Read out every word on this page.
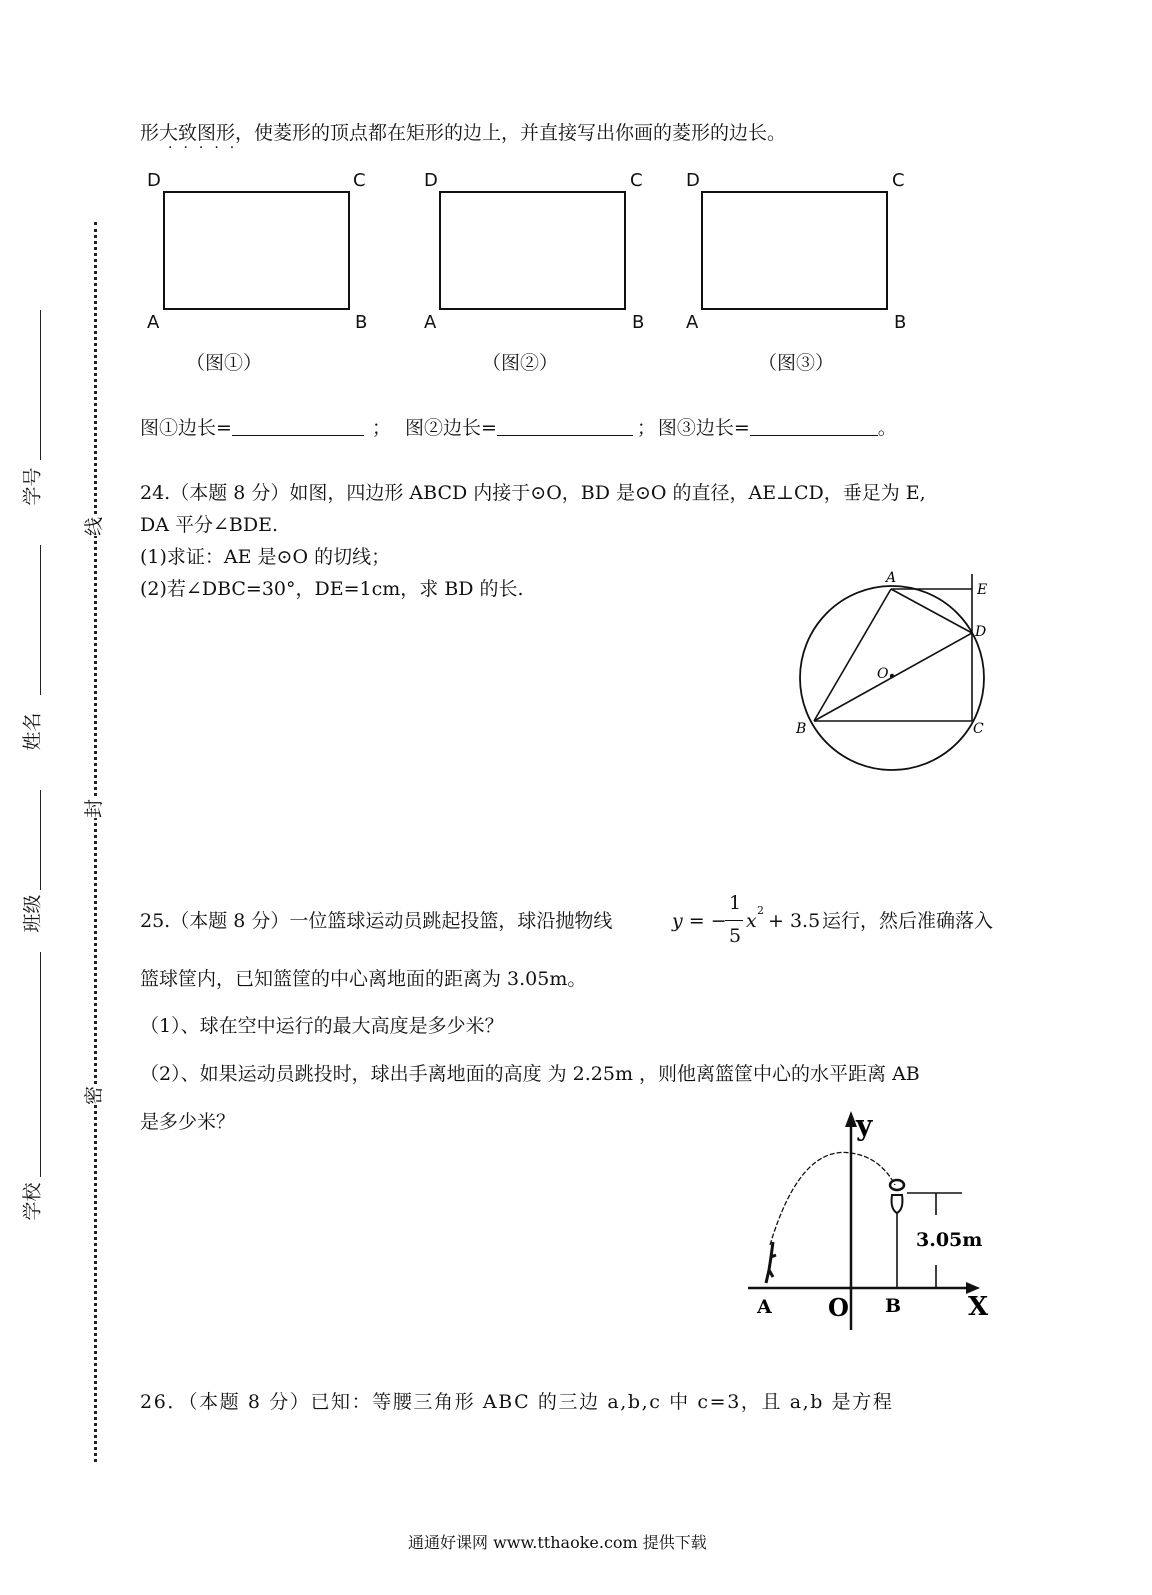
学号
姓名
班级
学校
线
封
密
形大致图形，使菱形的顶点都在矩形的边上，并直接写出你画的菱形的边长。
·····
D	C
A	B
D	C
A	B
D	C
A	B
（图①）	（图②）	（图③）
图①边长=	； 图②边长=	； 图③边长=	。
24.（本题 8 分）如图，四边形 ABCD 内接于⊙O，BD 是⊙O 的直径，AE⊥CD，垂足为 E,
DA 平分∠BDE.
(1)求证：AE 是⊙O 的切线；
(2)若∠DBC=30°，DE=1cm，求 BD 的长.	A
E
D
O
B	C
25.（本题 8 分）一位篮球运动员跳起投篮，球沿抛物线	y = −
1
5
x 2 + 3.5 运行，然后准确落入
篮球筐内，已知篮筐的中心离地面的距离为 3.05m。
（1）、球在空中运行的最大高度是多少米？
（2）、如果运动员跳投时，球出手离地面的高度 为 2.25m ，则他离篮筐中心的水平距离 AB
是多少米？
3.05m
y
X
A O B
26．（本题 8 分）已知：等腰三角形 ABC 的三边 a,b,c 中 c=3，且 a,b 是方程
通通好课网 www.tthaoke.com 提供下载
